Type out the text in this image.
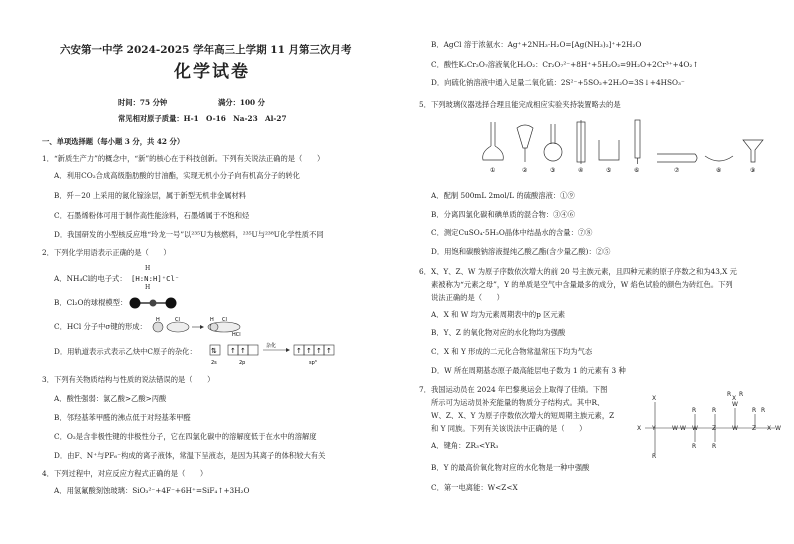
六安第一中学 2024-2025 学年高三上学期 11 月第三次月考
化学试卷
时间：75 分钟	满分：100 分
常见相对原子质量：H-1　O-16　Na-23　Al-27
一、单项选择题（每小题 3 分，共 42 分）
1．“新质生产力”的概念中，“新”的核心在于科技创新。下列有关说法正确的是（　　）
A．利用CO₂合成高级脂肪酸的甘油酯，实现无机小分子向有机高分子的转化
B．歼－20 上采用的氮化镓涂层，属于新型无机非金属材料
C．石墨烯粉体可用于制作高性能涂料，石墨烯属于不饱和烃
D．我国研发的小型核反应堆“玲龙一号”以²³⁵U为核燃料，²³⁵U与²³⁸U化学性质不同
2．下列化学用语表示正确的是（　　）
A．NH₄Cl的电子式：
H
[H:N:H]⁺Cl⁻
H
B．Cl₂O的球棍模型：
C．HCl 分子中σ键的形成：
H	Cl	H Cl
HCl
D．用轨道表示式表示乙炔中C原子的杂化： ⇅ ↑ ↑
杂化
↑ ↑ ↑ ↑
2s	2p	sp³
3．下列有关物质结构与性质的说法错误的是（　　）
A．酸性强弱：氯乙酸>乙酸>丙酸
B．邻羟基苯甲醛的沸点低于对羟基苯甲醛
C．O₂是含非极性键的非极性分子，它在四氯化碳中的溶解度低于在水中的溶解度
D．由F、N⁺与PF₆⁻构成的离子液体，常温下呈液态，是因为其离子的体积较大有关
4．下列过程中，对应反应方程式正确的是（　　）
A．用氢氟酸刻蚀玻璃：SiO₃²⁻+4F⁻+6H⁺=SiF₄↑+3H₂O
B．AgCl 溶于浓氨水：Ag⁺+2NH₃·H₂O=[Ag(NH₃)₂]⁺+2H₂O
C．酸性K₂Cr₂O₇溶液氧化H₂O₂：Cr₂O₇²⁻+8H⁺+5H₂O₂=9H₂O+2Cr³⁺+4O₂↑
D．向硫化钠溶液中通入足量二氧化硫：2S²⁻+5SO₂+2H₂O=3S↓+4HSO₃⁻
5．下列玻璃仪器选择合理且能完成相应实验夹持装置略去的是
①	②	③	④	⑤	⑥	⑦	⑧	⑨
A．配制 500mL 2mol/L 的硫酸溶液：①⑨
B．分离四氯化碳和碘单质的混合物：③④⑥
C．测定CuSO₄·5H₂O晶体中结晶水的含量：⑦⑧
D．用饱和碳酸钠溶液提纯乙酸乙酯(含少量乙酸)：②⑤
6．X、Y、Z、W 为原子序数依次增大的前 20 号主族元素，且四种元素的原子序数之和为43,X 元
素被称为“元素之母”，Y 的单质是空气中含量最多的成分，W 焰色试验的颜色为砖红色。下列
说法正确的是（　　）
A．X 和 W 均为元素周期表中的p 区元素
B．Y、Z 的氧化物对应的水化物均为强酸
C．X 和 Y 形成的二元化合物常温常压下均为气态
D．W 所在周期基态原子最高能层电子数为 1 的元素有 3 种
7．我国运动员在 2024 年巴黎奥运会上取得了佳绩。下图
所示可为运动员补充能量的物质分子结构式。其中R、
W、Z、X、Y 为原子序数依次增大的短周期主族元素，Z
和 Y 同族。下列有关该说法中正确的是（　　）
A．键角：ZR₃<YR₃
B．Y 的最高价氧化物对应的水化物是一种中强酸
C．第一电离能：W<Z<X
X Y
X
W W Z	W
W
Z
R
R
R
R
R
X
R
X
R R
R
W	W
